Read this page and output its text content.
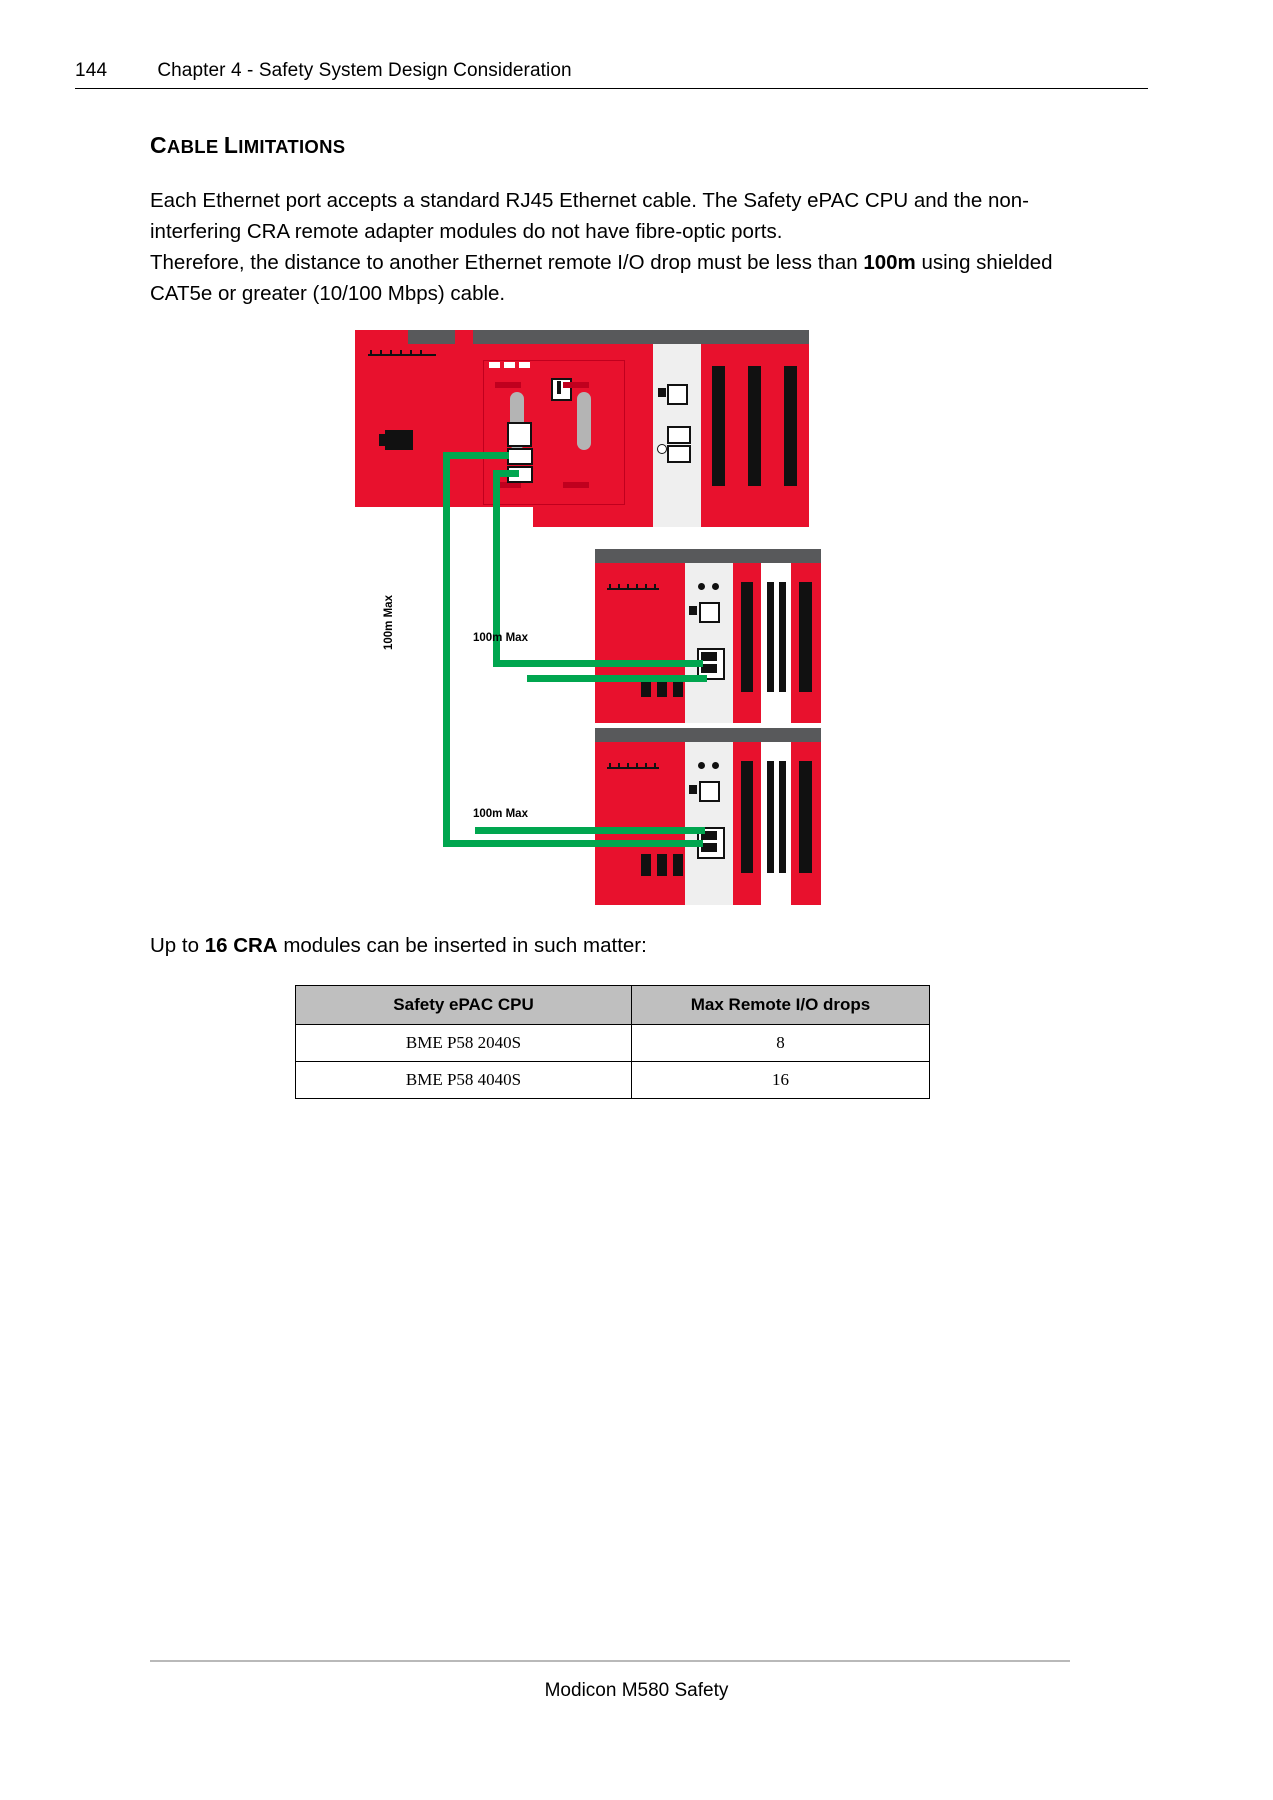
144	Chapter 4 - Safety System Design Consideration
CABLE LIMITATIONS
Each Ethernet port accepts a standard RJ45 Ethernet cable. The Safety ePAC CPU and the non-interfering CRA remote adapter modules do not have fibre-optic ports.
Therefore, the distance to another Ethernet remote I/O drop must be less than 100m using shielded CAT5e or greater (10/100 Mbps) cable.
100m Max	100m Max
100m Max
Up to 16 CRA modules can be inserted in such matter:
Safety ePAC CPU	Max Remote I/O drops
BME P58 2040S	8
BME P58 4040S	16
Modicon M580 Safety
